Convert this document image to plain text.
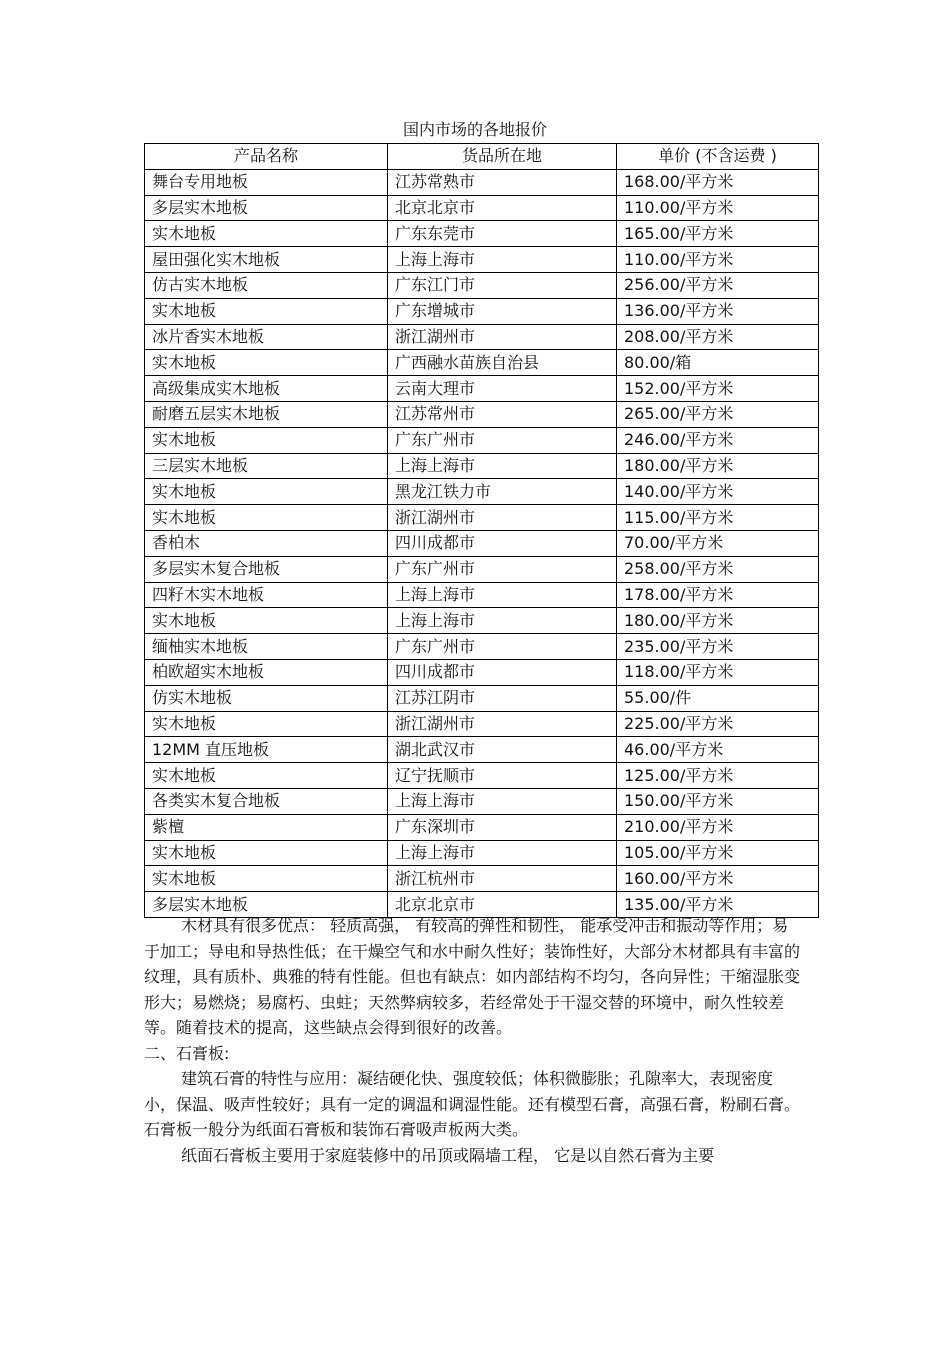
国内市场的各地报价
产品名称	货品所在地	单价 (不含运费 )
舞台专用地板	江苏常熟市	168.00/平方米
多层实木地板	北京北京市	110.00/平方米
实木地板	广东东莞市	165.00/平方米
屋田强化实木地板	上海上海市	110.00/平方米
仿古实木地板	广东江门市	256.00/平方米
实木地板	广东增城市	136.00/平方米
冰片香实木地板	浙江湖州市	208.00/平方米
实木地板	广西融水苗族自治县	80.00/箱
高级集成实木地板	云南大理市	152.00/平方米
耐磨五层实木地板	江苏常州市	265.00/平方米
实木地板	广东广州市	246.00/平方米
三层实木地板	上海上海市	180.00/平方米
实木地板	黑龙江铁力市	140.00/平方米
实木地板	浙江湖州市	115.00/平方米
香柏木	四川成都市	70.00/平方米
多层实木复合地板	广东广州市	258.00/平方米
四籽木实木地板	上海上海市	178.00/平方米
实木地板	上海上海市	180.00/平方米
缅柚实木地板	广东广州市	235.00/平方米
柏欧超实木地板	四川成都市	118.00/平方米
仿实木地板	江苏江阴市	55.00/件
实木地板	浙江湖州市	225.00/平方米
12MM 直压地板	湖北武汉市	46.00/平方米
实木地板	辽宁抚顺市	125.00/平方米
各类实木复合地板	上海上海市	150.00/平方米
紫檀	广东深圳市	210.00/平方米
实木地板	上海上海市	105.00/平方米
实木地板	浙江杭州市	160.00/平方米
多层实木地板	北京北京市	135.00/平方米

木材具有很多优点： 轻质高强， 有较高的弹性和韧性， 能承受冲击和振动等作用；易于加工；导电和导热性低；在干燥空气和水中耐久性好；装饰性好，大部分木材都具有丰富的纹理，具有质朴、典雅的特有性能。但也有缺点：如内部结构不均匀，各向异性；干缩湿胀变形大；易燃烧；易腐朽、虫蛀；天然弊病较多，若经常处于干湿交替的环境中，耐久性较差等。随着技术的提高，这些缺点会得到很好的改善。

二、石膏板:

建筑石膏的特性与应用：凝结硬化快、强度较低；体积微膨胀；孔隙率大，表现密度小，保温、吸声性较好；具有一定的调温和调湿性能。还有模型石膏，高强石膏，粉刷石膏。

石膏板一般分为纸面石膏板和装饰石膏吸声板两大类。

纸面石膏板主要用于家庭装修中的吊顶或隔墙工程， 它是以自然石膏为主要
